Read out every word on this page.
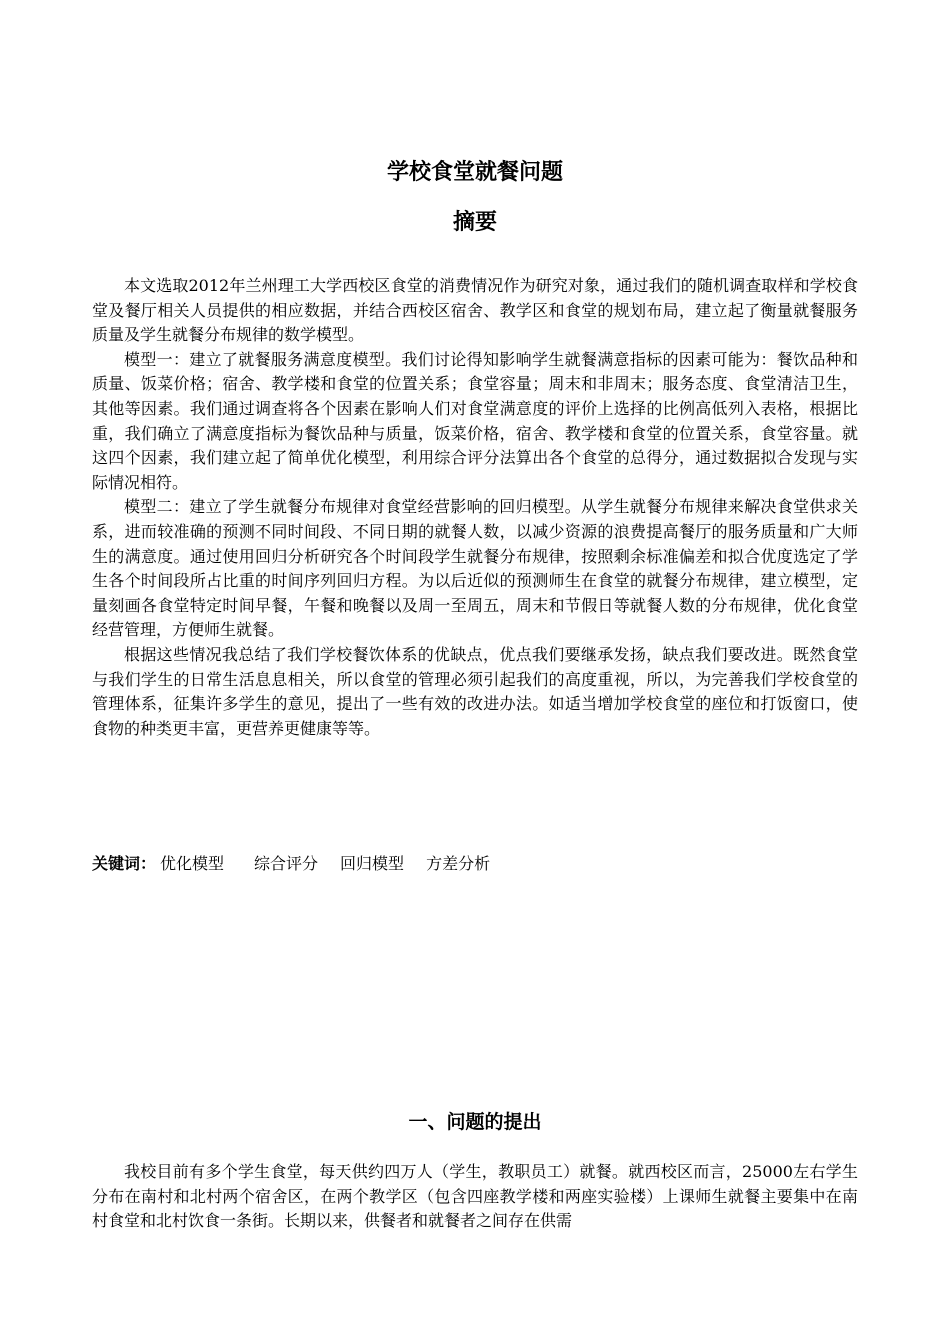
学校食堂就餐问题
摘要

本文选取2012年兰州理工大学西校区食堂的消费情况作为研究对象，通过我们的随机调查取样和学校食堂及餐厅相关人员提供的相应数据，并结合西校区宿舍、教学区和食堂的规划布局，建立起了衡量就餐服务质量及学生就餐分布规律的数学模型。

模型一：建立了就餐服务满意度模型。我们讨论得知影响学生就餐满意指标的因素可能为：餐饮品种和质量、饭菜价格；宿舍、教学楼和食堂的位置关系；食堂容量；周末和非周末；服务态度、食堂清洁卫生，其他等因素。我们通过调查将各个因素在影响人们对食堂满意度的评价上选择的比例高低列入表格，根据比重，我们确立了满意度指标为餐饮品种与质量，饭菜价格，宿舍、教学楼和食堂的位置关系，食堂容量。就这四个因素，我们建立起了简单优化模型，利用综合评分法算出各个食堂的总得分，通过数据拟合发现与实际情况相符。

模型二：建立了学生就餐分布规律对食堂经营影响的回归模型。从学生就餐分布规律来解决食堂供求关系，进而较准确的预测不同时间段、不同日期的就餐人数，以减少资源的浪费提高餐厅的服务质量和广大师生的满意度。通过使用回归分析研究各个时间段学生就餐分布规律，按照剩余标准偏差和拟合优度选定了学生各个时间段所占比重的时间序列回归方程。为以后近似的预测师生在食堂的就餐分布规律，建立模型，定量刻画各食堂特定时间早餐，午餐和晚餐以及周一至周五，周末和节假日等就餐人数的分布规律，优化食堂经营管理，方便师生就餐。

根据这些情况我总结了我们学校餐饮体系的优缺点，优点我们要继承发扬，缺点我们要改进。既然食堂与我们学生的日常生活息息相关，所以食堂的管理必须引起我们的高度重视，所以，为完善我们学校食堂的管理体系，征集许多学生的意见，提出了一些有效的改进办法。如适当增加学校食堂的座位和打饭窗口，使食物的种类更丰富，更营养更健康等等。

关键词： 优化模型 综合评分 回归模型 方差分析
一、问题的提出

我校目前有多个学生食堂，每天供约四万人（学生，教职员工）就餐。就西校区而言，25000左右学生分布在南村和北村两个宿舍区，在两个教学区（包含四座教学楼和两座实验楼）上课师生就餐主要集中在南村食堂和北村饮食一条街。长期以来，供餐者和就餐者之间存在供需
